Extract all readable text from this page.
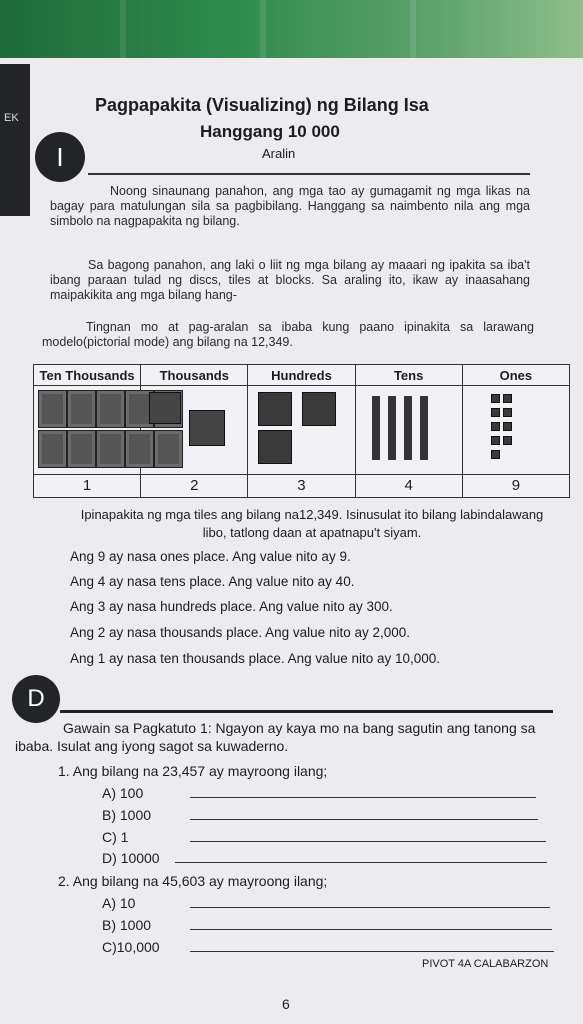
EK
Pagpapakita (Visualizing) ng Bilang Isa
Hanggang 10 000
Aralin
I
Noong sinaunang panahon, ang mga tao ay gumagamit ng mga likas na bagay para matulungan sila sa pagbibilang. Hanggang sa naimbento nila ang mga simbolo na nagpapakita ng bilang.
Sa bagong panahon, ang laki o liit ng mga bilang ay maaari ng ipakita sa iba't ibang paraan tulad ng discs, tiles at blocks. Sa araling ito, ikaw ay inaasahang maipakikita ang mga bilang hang-
Tingnan mo at pag-aralan sa ibaba kung paano ipinakita sa larawang modelo(pictorial mode) ang bilang na 12,349.
Ten Thousands	Thousands	Hundreds	Tens	Ones

1	2	3	4	9
Ipinapakita ng mga tiles ang bilang na12,349. Isinusulat ito bilang labindalawang libo, tatlong daan at apatnapu't siyam.
Ang 9 ay nasa ones place. Ang value nito ay 9.
Ang 4 ay nasa tens place. Ang value nito ay 40.
Ang 3 ay nasa hundreds place. Ang value nito ay 300.
Ang 2 ay nasa thousands place. Ang value nito ay 2,000.
Ang 1 ay nasa ten thousands place. Ang value nito ay 10,000.
D
Gawain sa Pagkatuto 1: Ngayon ay kaya mo na bang sagutin ang tanong sa ibaba. Isulat ang iyong sagot sa kuwaderno.
1. Ang bilang na 23,457 ay mayroong ilang;
A) 100
B) 1000
C) 1
D) 10000
2. Ang bilang na 45,603 ay mayroong ilang;
A) 10
B) 1000
C)10,000
PIVOT 4A CALABARZON
6
